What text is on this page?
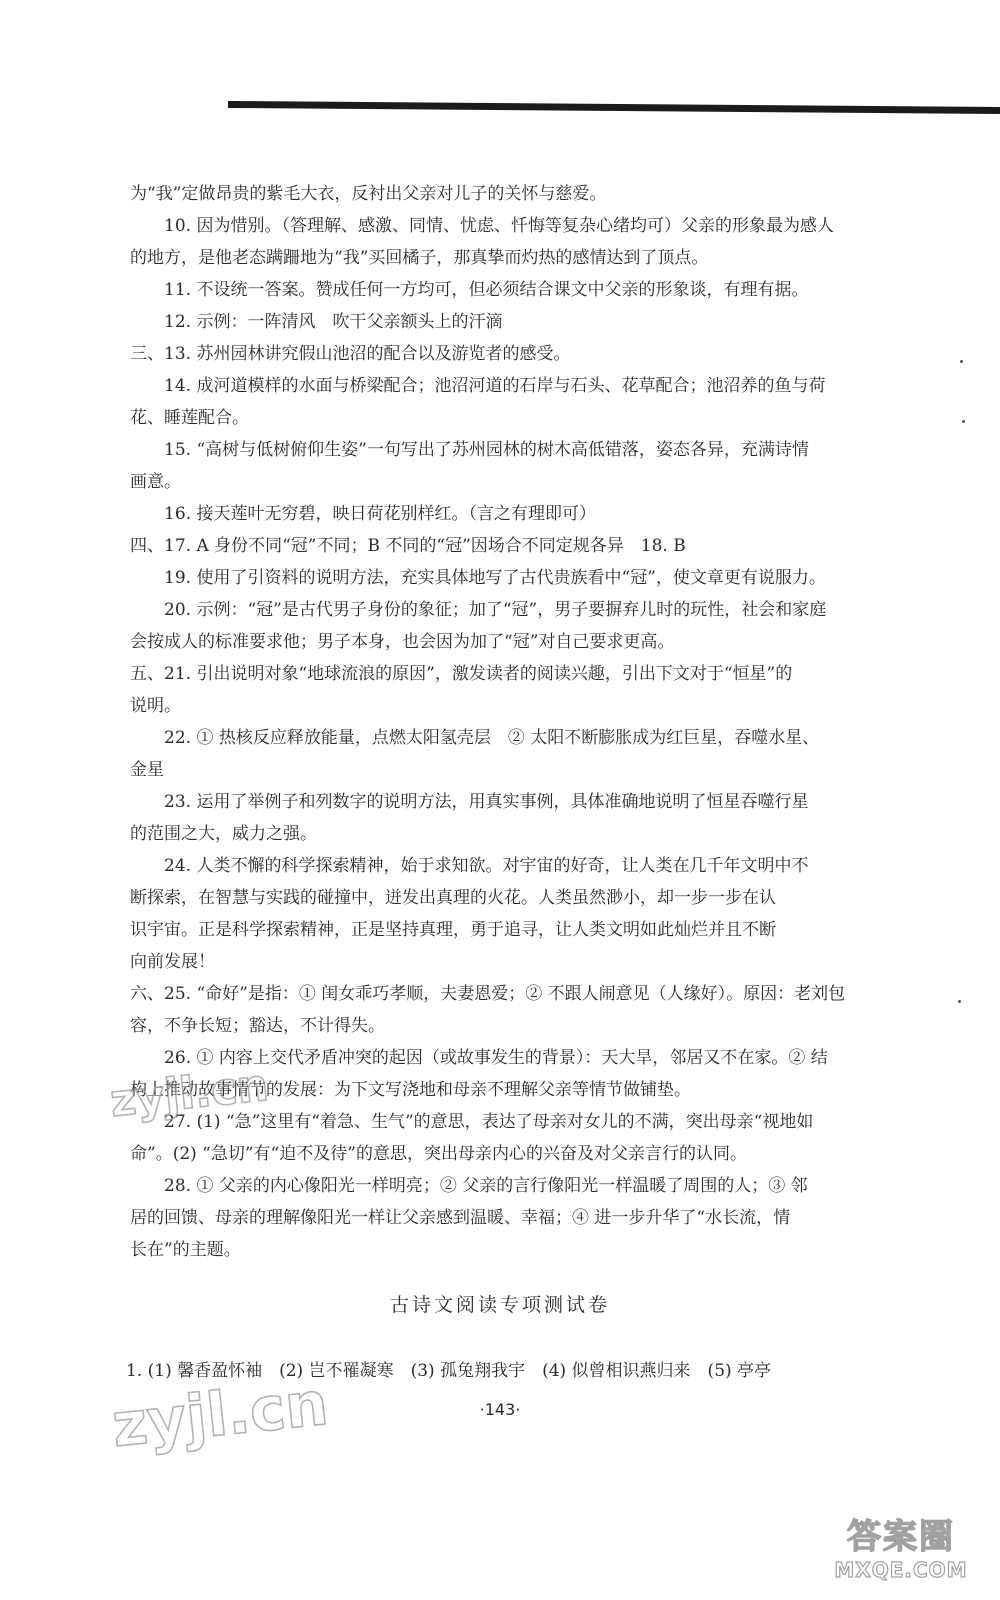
为“我”定做昂贵的紫毛大衣，反衬出父亲对儿子的关怀与慈爱。
10. 因为惜别。（答理解、感激、同情、忧虑、忏悔等复杂心绪均可）父亲的形象最为感人
的地方，是他老态蹒跚地为“我”买回橘子，那真挚而灼热的感情达到了顶点。
11. 不设统一答案。赞成任何一方均可，但必须结合课文中父亲的形象谈，有理有据。
12. 示例：一阵清风　吹干父亲额头上的汗滴
三、13. 苏州园林讲究假山池沼的配合以及游览者的感受。
14. 成河道模样的水面与桥梁配合；池沼河道的石岸与石头、花草配合；池沼养的鱼与荷
花、睡莲配合。
15. “高树与低树俯仰生姿”一句写出了苏州园林的树木高低错落，姿态各异，充满诗情
画意。
16. 接天莲叶无穷碧，映日荷花别样红。（言之有理即可）
四、17. A 身份不同“冠”不同；B 不同的“冠”因场合不同定规各异　18. B
19. 使用了引资料的说明方法，充实具体地写了古代贵族看中“冠”，使文章更有说服力。
20. 示例：“冠”是古代男子身份的象征；加了“冠”，男子要摒弃儿时的玩性，社会和家庭
会按成人的标准要求他；男子本身，也会因为加了“冠”对自己要求更高。
五、21. 引出说明对象“地球流浪的原因”，激发读者的阅读兴趣，引出下文对于“恒星”的
说明。
22. ① 热核反应释放能量，点燃太阳氢壳层　② 太阳不断膨胀成为红巨星，吞噬水星、
金星
23. 运用了举例子和列数字的说明方法，用真实事例，具体准确地说明了恒星吞噬行星
的范围之大，威力之强。
24. 人类不懈的科学探索精神，始于求知欲。对宇宙的好奇，让人类在几千年文明中不
断探索，在智慧与实践的碰撞中，迸发出真理的火花。人类虽然渺小，却一步一步在认
识宇宙。正是科学探索精神，正是坚持真理，勇于追寻，让人类文明如此灿烂并且不断
向前发展！
六、25. “命好”是指：① 闺女乖巧孝顺，夫妻恩爱；② 不跟人闹意见（人缘好）。原因：老刘包
容，不争长短；豁达，不计得失。
26. ① 内容上交代矛盾冲突的起因（或故事发生的背景）：天大旱，邻居又不在家。② 结
构上推动故事情节的发展：为下文写浇地和母亲不理解父亲等情节做铺垫。
27. (1) “急”这里有“着急、生气”的意思，表达了母亲对女儿的不满，突出母亲“视地如
命”。(2) “急切”有“迫不及待”的意思，突出母亲内心的兴奋及对父亲言行的认同。
28. ① 父亲的内心像阳光一样明亮；② 父亲的言行像阳光一样温暖了周围的人；③ 邻
居的回馈、母亲的理解像阳光一样让父亲感到温暖、幸福；④ 进一步升华了“水长流，情
长在”的主题。
古诗文阅读专项测试卷
1. (1) 馨香盈怀袖　(2) 岂不罹凝寒　(3) 孤兔翔我宇　(4) 似曾相识燕归来　(5) 亭亭
·143·
zyjl.cn
zyjl.cn
答案圈
MXQE.COM
